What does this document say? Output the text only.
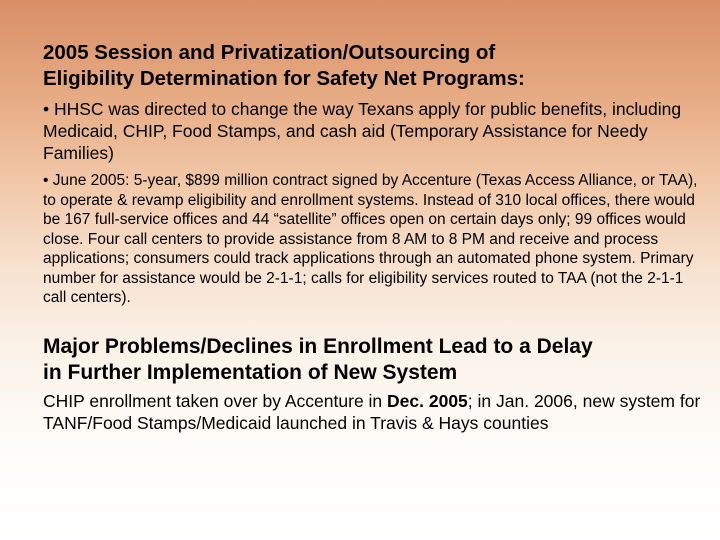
2005 Session and Privatization/Outsourcing of
Eligibility Determination for Safety Net Programs:

• HHSC was directed to change the way Texans apply for public benefits, including Medicaid, CHIP, Food Stamps, and cash aid (Temporary Assistance for Needy Families)

• June 2005: 5-year, $899 million contract signed by Accenture (Texas Access Alliance, or TAA), to operate & revamp eligibility and enrollment systems. Instead of 310 local offices, there would be 167 full-service offices and 44 “satellite” offices open on certain days only; 99 offices would close. Four call centers to provide assistance from 8 AM to 8 PM and receive and process applications; consumers could track applications through an automated phone system. Primary number for assistance would be 2-1-1; calls for eligibility services routed to TAA (not the 2-1-1 call centers).

Major Problems/Declines in Enrollment Lead to a Delay
in Further Implementation of New System

CHIP enrollment taken over by Accenture in Dec. 2005; in Jan. 2006, new system for TANF/Food Stamps/Medicaid launched in Travis & Hays counties
